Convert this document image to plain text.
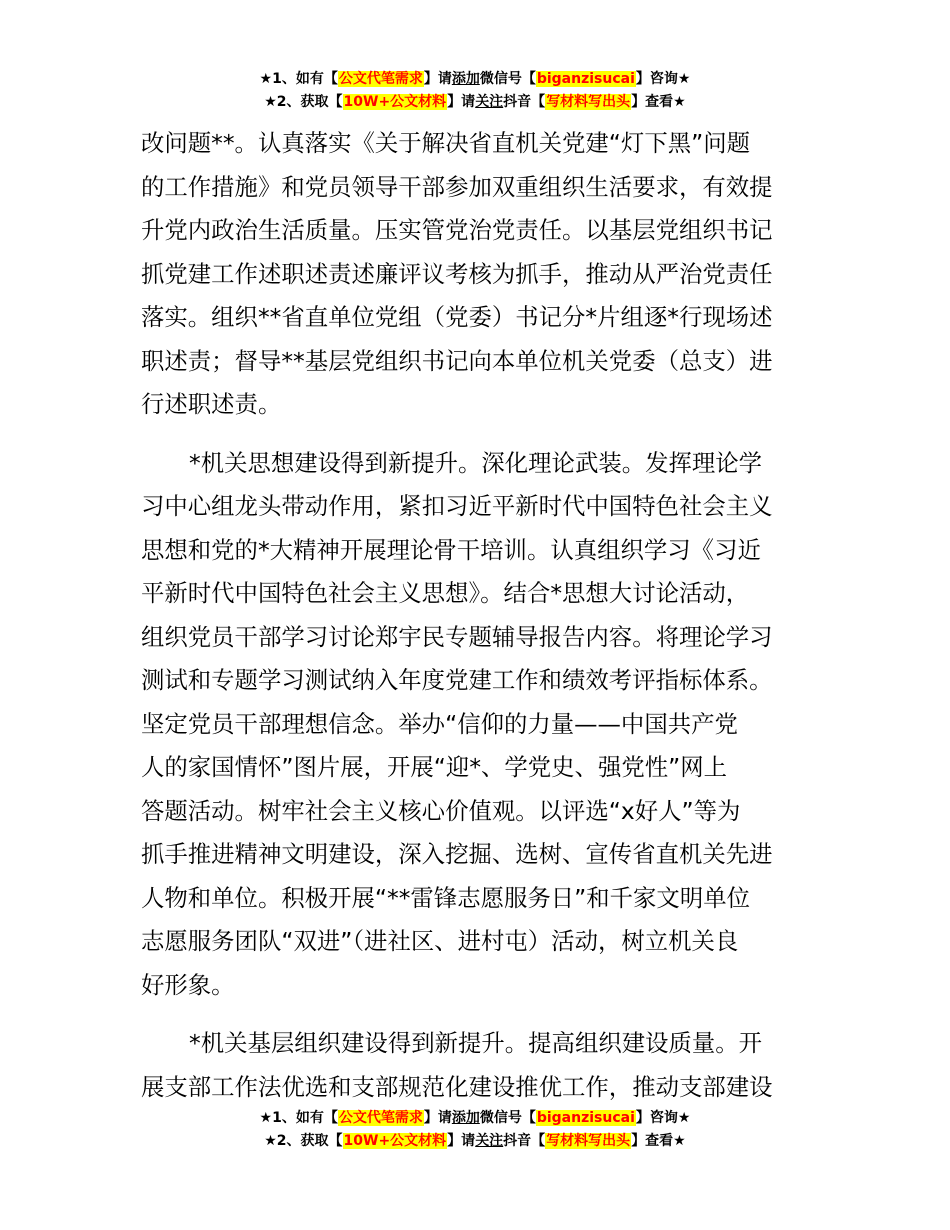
★1、如有【公文代笔需求】请添加微信号【biganzisucai】咨询★
★2、获取【10W+公文材料】请关注抖音【写材料写出头】查看★
改问题**。认真落实《关于解决省直机关党建“灯下黑”问题
的工作措施》和党员领导干部参加双重组织生活要求，有效提
升党内政治生活质量。压实管党治党责任。以基层党组织书记
抓党建工作述职述责述廉评议考核为抓手，推动从严治党责任
落实。组织**省直单位党组（党委）书记分*片组逐*行现场述
职述责；督导**基层党组织书记向本单位机关党委（总支）进
行述职述责。
*机关思想建设得到新提升。深化理论武装。发挥理论学
习中心组龙头带动作用，紧扣习近平新时代中国特色社会主义
思想和党的*大精神开展理论骨干培训。认真组织学习《习近
平新时代中国特色社会主义思想》。结合*思想大讨论活动，
组织党员干部学习讨论郑宇民专题辅导报告内容。将理论学习
测试和专题学习测试纳入年度党建工作和绩效考评指标体系。
坚定党员干部理想信念。举办“信仰的力量——中国共产党
人的家国情怀”图片展，开展“迎*、学党史、强党性”网上
答题活动。树牢社会主义核心价值观。以评选“x好人”等为
抓手推进精神文明建设，深入挖掘、选树、宣传省直机关先进
人物和单位。积极开展“**雷锋志愿服务日”和千家文明单位
志愿服务团队“双进”（进社区、进村屯）活动，树立机关良
好形象。
*机关基层组织建设得到新提升。提高组织建设质量。开
展支部工作法优选和支部规范化建设推优工作，推动支部建设
★1、如有【公文代笔需求】请添加微信号【biganzisucai】咨询★
★2、获取【10W+公文材料】请关注抖音【写材料写出头】查看★
